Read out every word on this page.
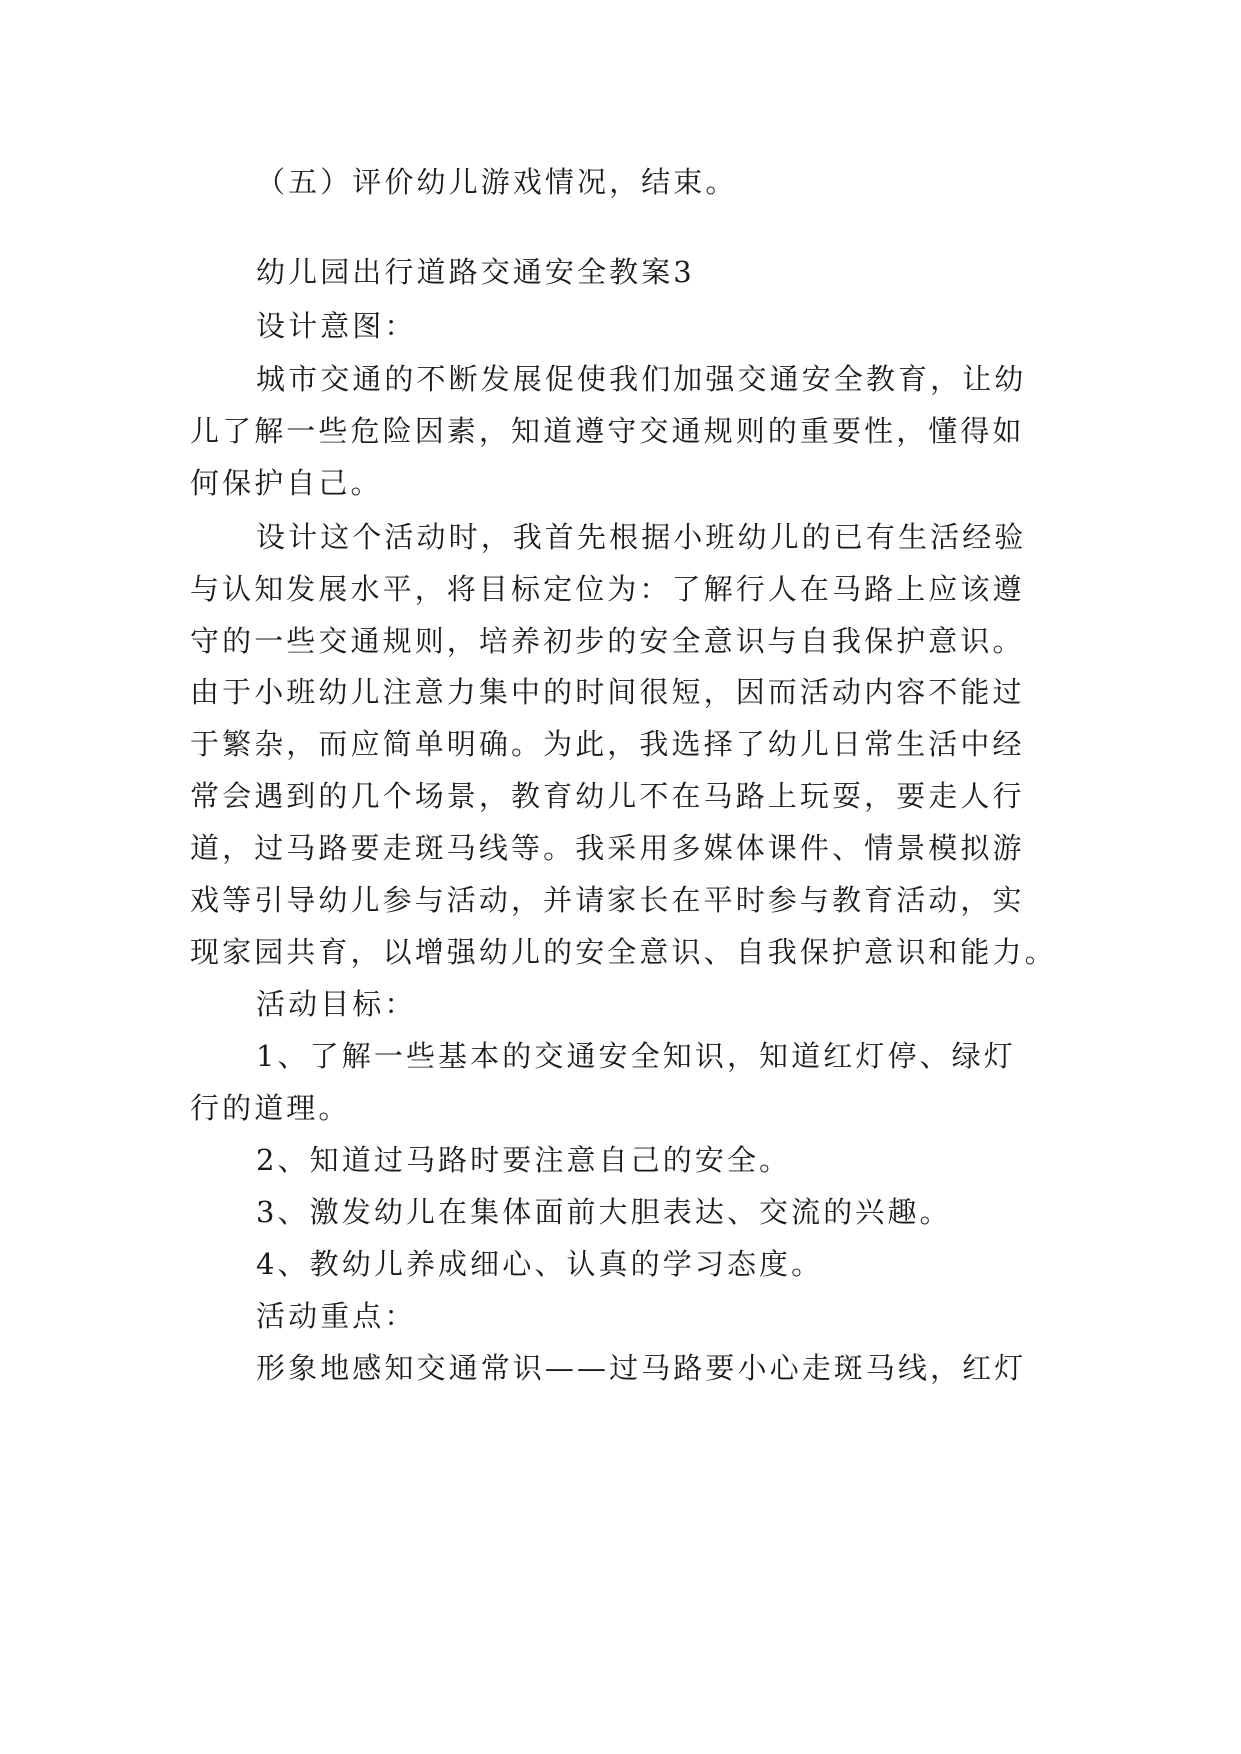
（五）评价幼儿游戏情况，结束。
幼儿园出行道路交通安全教案3
设计意图：
城市交通的不断发展促使我们加强交通安全教育，让幼
儿了解一些危险因素，知道遵守交通规则的重要性，懂得如
何保护自己。
设计这个活动时，我首先根据小班幼儿的已有生活经验
与认知发展水平，将目标定位为：了解行人在马路上应该遵
守的一些交通规则，培养初步的安全意识与自我保护意识。
由于小班幼儿注意力集中的时间很短，因而活动内容不能过
于繁杂，而应简单明确。为此，我选择了幼儿日常生活中经
常会遇到的几个场景，教育幼儿不在马路上玩耍，要走人行
道，过马路要走斑马线等。我采用多媒体课件、情景模拟游
戏等引导幼儿参与活动，并请家长在平时参与教育活动，实
现家园共育，以增强幼儿的安全意识、自我保护意识和能力。
活动目标：
1、了解一些基本的交通安全知识，知道红灯停、绿灯
行的道理。
2、知道过马路时要注意自己的安全。
3、激发幼儿在集体面前大胆表达、交流的兴趣。
4、教幼儿养成细心、认真的学习态度。
活动重点：
形象地感知交通常识——过马路要小心走斑马线，红灯
